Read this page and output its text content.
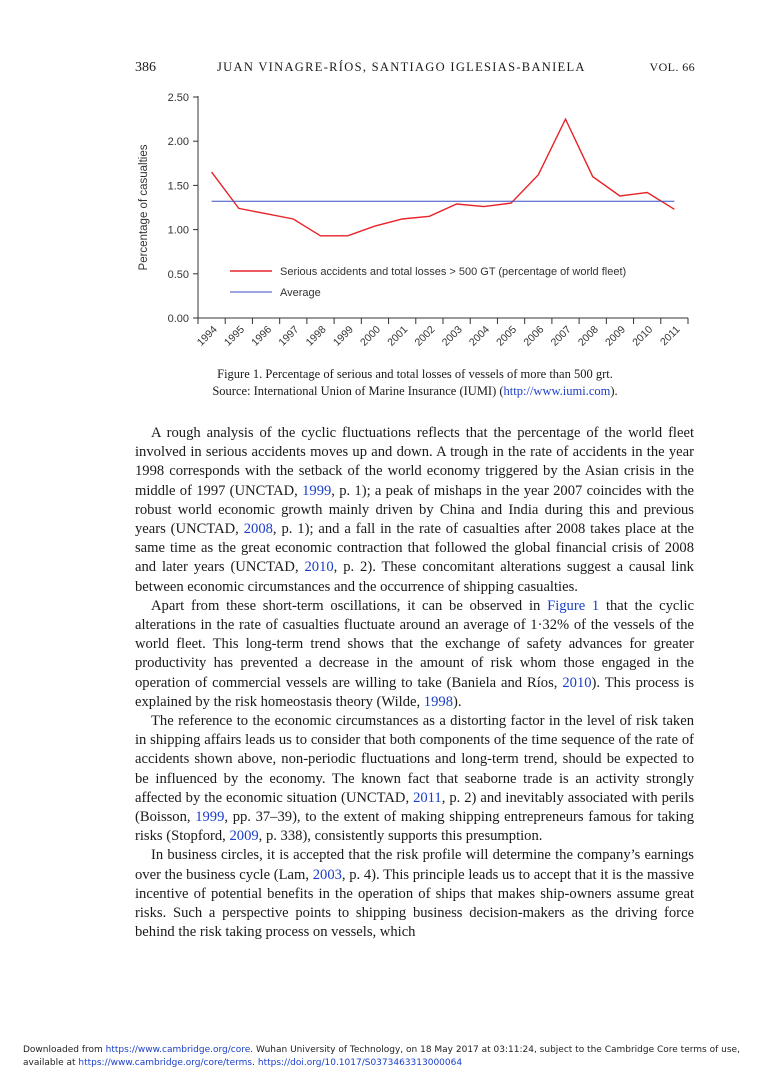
386	JUAN VINAGRE-RÍOS, SANTIAGO IGLESIAS-BANIELA	VOL. 66
0.00
0.50
1.00
1.50
2.00
2.50
1994 1995 1996 1997 1998 1999 2000 2001 2002 2003 2004 2005 2006 2007 2008 2009 2010 2011
Percentage of casualties
Serious accidents and total losses > 500 GT (percentage of world fleet)
Average
Figure 1. Percentage of serious and total losses of vessels of more than 500 grt.
Source: International Union of Marine Insurance (IUMI) (http://www.iumi.com).

A rough analysis of the cyclic fluctuations reflects that the percentage of the world fleet involved in serious accidents moves up and down. A trough in the rate of accidents in the year 1998 corresponds with the setback of the world economy triggered by the Asian crisis in the middle of 1997 (UNCTAD, 1999, p. 1); a peak of mishaps in the year 2007 coincides with the robust world economic growth mainly driven by China and India during this and previous years (UNCTAD, 2008, p. 1); and a fall in the rate of casualties after 2008 takes place at the same time as the great economic contraction that followed the global financial crisis of 2008 and later years (UNCTAD, 2010, p. 2). These concomitant alterations suggest a causal link between economic circumstances and the occurrence of shipping casualties.

Apart from these short-term oscillations, it can be observed in Figure 1 that the cyclic alterations in the rate of casualties fluctuate around an average of 1·32% of the vessels of the world fleet. This long-term trend shows that the exchange of safety advances for greater productivity has prevented a decrease in the amount of risk whom those engaged in the operation of commercial vessels are willing to take (Baniela and Ríos, 2010). This process is explained by the risk homeostasis theory (Wilde, 1998).

The reference to the economic circumstances as a distorting factor in the level of risk taken in shipping affairs leads us to consider that both components of the time sequence of the rate of accidents shown above, non-periodic fluctuations and long-term trend, should be expected to be influenced by the economy. The known fact that seaborne trade is an activity strongly affected by the economic situation (UNCTAD, 2011, p. 2) and inevitably associated with perils (Boisson, 1999, pp. 37–39), to the extent of making shipping entrepreneurs famous for taking risks (Stopford, 2009, p. 338), consistently supports this presumption.

In business circles, it is accepted that the risk profile will determine the company’s earnings over the business cycle (Lam, 2003, p. 4). This principle leads us to accept that it is the massive incentive of potential benefits in the operation of ships that makes ship-owners assume great risks. Such a perspective points to shipping business decision-makers as the driving force behind the risk taking process on vessels, which

Downloaded from https://www.cambridge.org/core. Wuhan University of Technology, on 18 May 2017 at 03:11:24, subject to the Cambridge Core terms of use,
available at https://www.cambridge.org/core/terms. https://doi.org/10.1017/S0373463313000064
